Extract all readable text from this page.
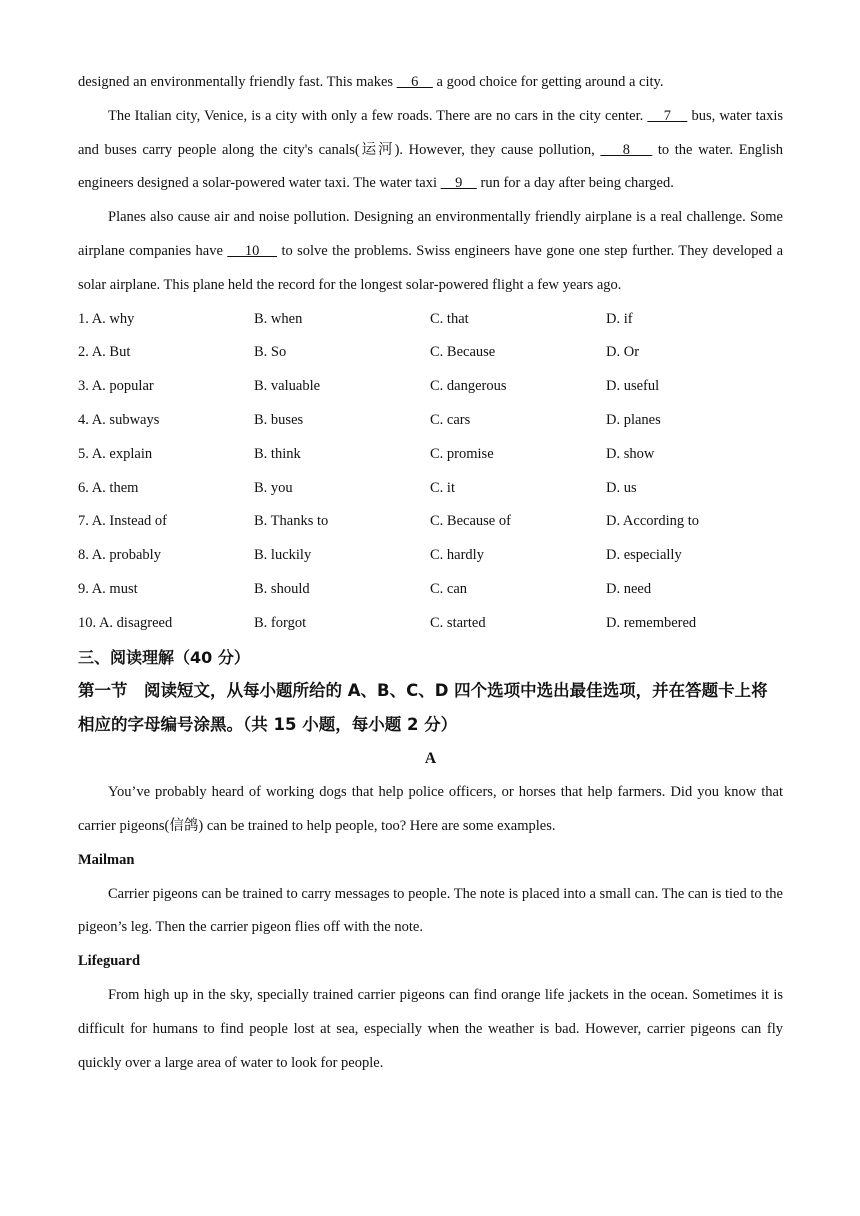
designed an environmentally friendly fast. This makes     6     a good choice for getting around a city.

The Italian city, Venice, is a city with only a few roads. There are no cars in the city center.     7     bus, water taxis and buses carry people along the city's canals(运河). However, they cause pollution,     8     to the water. English engineers designed a solar-powered water taxi. The water taxi     9     run for a day after being charged.

Planes also cause air and noise pollution. Designing an environmentally friendly airplane is a real challenge. Some airplane companies have     10     to solve the problems. Swiss engineers have gone one step further. They developed a solar airplane. This plane held the record for the longest solar-powered flight a few years ago.

1. A. why	B. when	C. that	D. if
2. A. But	B. So	C. Because	D. Or
3. A. popular	B. valuable	C. dangerous	D. useful
4. A. subways	B. buses	C. cars	D. planes
5. A. explain	B. think	C. promise	D. show
6. A. them	B. you	C. it	D. us
7. A. Instead of	B. Thanks to	C. Because of	D. According to
8. A. probably	B. luckily	C. hardly	D. especially
9. A. must	B. should	C. can	D. need
10. A. disagreed	B. forgot	C. started	D. remembered

三、阅读理解（40 分）

第一节　阅读短文，从每小题所给的 A、B、C、D 四个选项中选出最佳选项，并在答题卡上将相应的字母编号涂黑。（共 15 小题，每小题 2 分）

A

You’ve probably heard of working dogs that help police officers, or horses that help farmers. Did you know that carrier pigeons(信鸽) can be trained to help people, too? Here are some examples.

Mailman

Carrier pigeons can be trained to carry messages to people. The note is placed into a small can. The can is tied to the pigeon’s leg. Then the carrier pigeon flies off with the note.

Lifeguard

From high up in the sky, specially trained carrier pigeons can find orange life jackets in the ocean. Sometimes it is difficult for humans to find people lost at sea, especially when the weather is bad. However, carrier pigeons can fly quickly over a large area of water to look for people.
